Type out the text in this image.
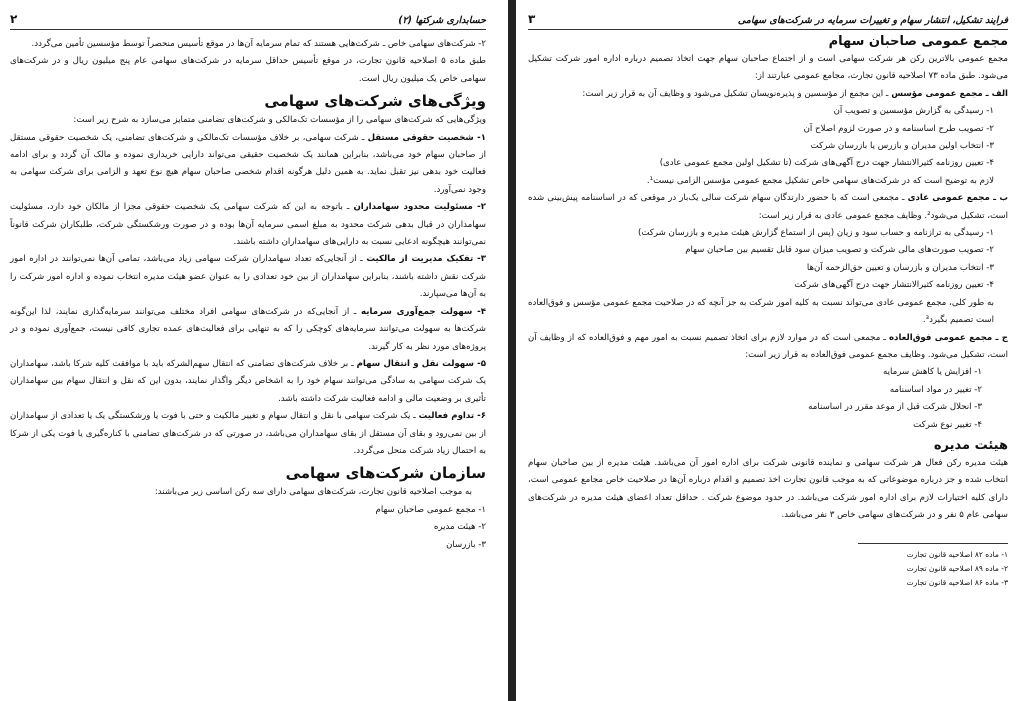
حسابداری شرکتها (۲)
۲

۲- شرکت‌های سهامی خاص ـ شرکت‌هایی هستند که تمام سرمایه آن‌ها در موقع تأسیس منحصراً توسط مؤسسین تأمین می‌گردد.

طبق ماده ۵ اصلاحیه قانون تجارت، در موقع تأسیس حداقل سرمایه در شرکت‌های سهامی عام پنج میلیون ریال و در شرکت‌های سهامی خاص یک میلیون ریال است.

ویژگی‌های شرکت‌های سهامی

ویژگی‌هایی که شرکت‌های سهامی را از مؤسسات تک‌مالکی و شرکت‌های تضامنی متمایز می‌سازد به شرح زیر است:

۱- شخصیت حقوقی مستقل ـ شرکت سهامی، بر خلاف مؤسسات تک‌مالکی و شرکت‌های تضامنی، یک شخصیت حقوقی مستقل از صاحبان سهام خود می‌باشد، بنابراین همانند یک شخصیت حقیقی می‌تواند دارایی خریداری نموده و مالک آن گردد و برای ادامه فعالیت خود بدهی نیز تقبل نماید. به همین دلیل هرگونه اقدام شخصی صاحبان سهام هیچ نوع تعهد و الزامی برای شرکت سهامی به وجود نمی‌آورد.

۲- مسئولیت محدود سهامداران ـ باتوجه به این که شرکت سهامی یک شخصیت حقوقی مجزا از مالکان خود دارد، مسئولیت سهامداران در قبال بدهی شرکت محدود به مبلغ اسمی سرمایه آن‌ها بوده و در صورت ورشکستگی شرکت، طلبکاران شرکت قانوناً نمی‌توانند هیچگونه ادعایی نسبت به دارایی‌های سهامداران داشته باشند.

۳- تفکیک مدیریت از مالکیت ـ از آنجایی‌که تعداد سهامداران شرکت سهامی زیاد می‌باشد، تمامی آن‌ها نمی‌توانند در اداره امور شرکت نقش داشته باشند، بنابراین سهامداران از بین خود تعدادی را به عنوان عضو هیئت مدیره انتخاب نموده و اداره امور شرکت را به آن‌ها می‌سپارند.

۴- سهولت جمع‌آوری سرمایه ـ از آنجایی‌که در شرکت‌های سهامی افراد مختلف می‌توانند سرمایه‌گذاری نمایند، لذا این‌گونه شرکت‌ها به سهولت می‌توانند سرمایه‌های کوچکی را که به تنهایی برای فعالیت‌های عمده تجاری کافی نیست، جمع‌آوری نموده و در پروژه‌های مورد نظر به کار گیرند.

۵- سهولت نقل و انتقال سهام ـ بر خلاف شرکت‌های تضامنی که انتقال سهم‌الشرکه باید با موافقت کلیه شرکا باشد، سهامداران یک شرکت سهامی به سادگی می‌توانند سهام خود را به اشخاص دیگر واگذار نمایند، بدون این که نقل و انتقال سهام بین سهامداران تأثیری بر وضعیت مالی و ادامه فعالیت شرکت داشته باشد.

۶- تداوم فعالیت ـ یک شرکت سهامی با نقل و انتقال سهام و تغییر مالکیت و حتی با فوت یا ورشکستگی یک یا تعدادی از سهامداران از بین نمی‌رود و بقای آن مستقل از بقای سهامداران می‌باشد، در صورتی که در شرکت‌های تضامنی با کناره‌گیری یا فوت یکی از شرکا به احتمال زیاد شرکت منحل می‌گردد.

سازمان شرکت‌های سهامی

به موجب اصلاحیه قانون تجارت، شرکت‌های سهامی دارای سه رکن اساسی زیر می‌باشند:

۱- مجمع عمومی صاحبان سهام

۲- هیئت مدیره

۳- بازرسان

فرایند تشکیل، انتشار سهام و تغییرات سرمایه در شرکت‌های سهامی
۳
مجمع عمومی صاحبان سهام

مجمع عمومی بالاترین رکن هر شرکت سهامی است و از اجتماع صاحبان سهام جهت اتخاذ تصمیم درباره اداره امور شرکت تشکیل می‌شود. طبق ماده ۷۳ اصلاحیه قانون تجارت، مجامع عمومی عبارتند از:

الف ـ مجمع عمومی مؤسس ـ این مجمع از مؤسسین و پذیره‌نویسان تشکیل می‌شود و وظایف آن به قرار زیر است:

۱- رسیدگی به گزارش مؤسسین و تصویب آن

۲- تصویب طرح اساسنامه و در صورت لزوم اصلاح آن

۳- انتخاب اولین مدیران و بازرس یا بازرسان شرکت

۴- تعیین روزنامه کثیرالانتشار جهت درج آگهی‌های شرکت (تا تشکیل اولین مجمع عمومی عادی)

لازم به توضیح است که در شرکت‌های سهامی خاص تشکیل مجمع عمومی مؤسس الزامی نیست¹.

ب ـ مجمع عمومی عادی ـ مجمعی است که با حضور دارندگان سهام شرکت سالی یک‌بار در موقعی که در اساسنامه پیش‌بینی شده است، تشکیل می‌شود². وظایف مجمع عمومی عادی به قرار زیر است:

۱- رسیدگی به ترازنامه و حساب سود و زیان (پس از استماع گزارش هیئت مدیره و بازرسان شرکت)

۲- تصویب صورت‌های مالی شرکت و تصویب میزان سود قابل تقسیم بین صاحبان سهام

۳- انتخاب مدیران و بازرسان و تعیین حق‌الزحمه آن‌ها

۴- تعیین روزنامه کثیرالانتشار جهت درج آگهی‌های شرکت

به طور کلی، مجمع عمومی عادی می‌تواند نسبت به کلیه امور شرکت به جز آنچه که در صلاحیت مجمع عمومی مؤسس و فوق‌العاده است تصمیم بگیرد³.

ج ـ مجمع عمومی فوق‌العاده ـ مجمعی است که در موارد لازم برای اتخاذ تصمیم نسبت به امور مهم و فوق‌العاده که از وظایف آن است، تشکیل می‌شود. وظایف مجمع عمومی فوق‌العاده به قرار زیر است:

۱- افزایش یا کاهش سرمایه

۲- تغییر در مواد اساسنامه

۳- انحلال شرکت قبل از موعد مقرر در اساسنامه

۴- تغییر نوع شرکت

هیئت مدیره

هیئت مدیره رکن فعال هر شرکت سهامی و نماینده قانونی شرکت برای اداره امور آن می‌باشد. هیئت مدیره از بین صاحبان سهام انتخاب شده و جز درباره موضوعاتی که به موجب قانون تجارت اخذ تصمیم و اقدام درباره آن‌ها در صلاحیت خاص مجامع عمومی است، دارای کلیه اختیارات لازم برای اداره امور شرکت می‌باشد. در حدود موضوع شرکت . حداقل تعداد اعضای هیئت مدیره در شرکت‌های سهامی عام ۵ نفر و در شرکت‌های سهامی خاص ۳ نفر می‌باشد.

۱- ماده ۸۲ اصلاحیه قانون تجارت

۲- ماده ۸۹ اصلاحیه قانون تجارت

۳- ماده ۸۶ اصلاحیه قانون تجارت
